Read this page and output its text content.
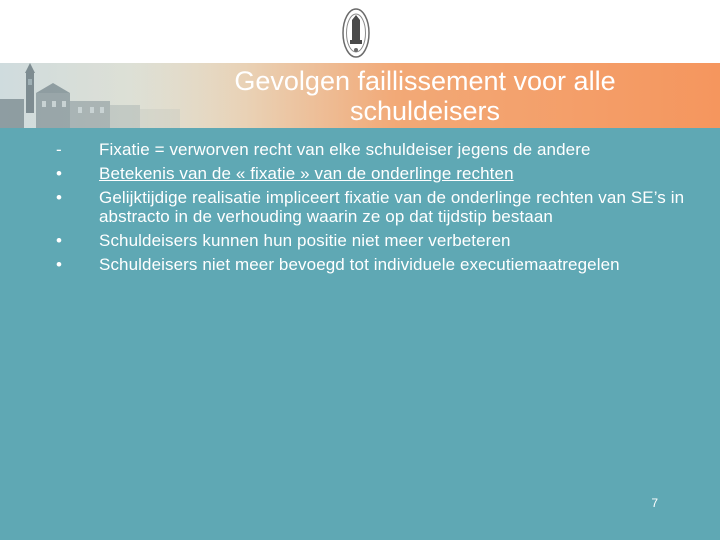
Gevolgen faillissement voor alle schuldeisers
-	Fixatie = verworven recht van elke schuldeiser jegens de andere
•	Betekenis van de « fixatie » van de onderlinge rechten
•	Gelijktijdige realisatie impliceert fixatie van de onderlinge rechten van SE’s in abstracto in de verhouding waarin ze op dat tijdstip bestaan
•	Schuldeisers kunnen hun positie niet meer verbeteren
•	Schuldeisers niet meer bevoegd tot individuele executiemaatregelen
7
